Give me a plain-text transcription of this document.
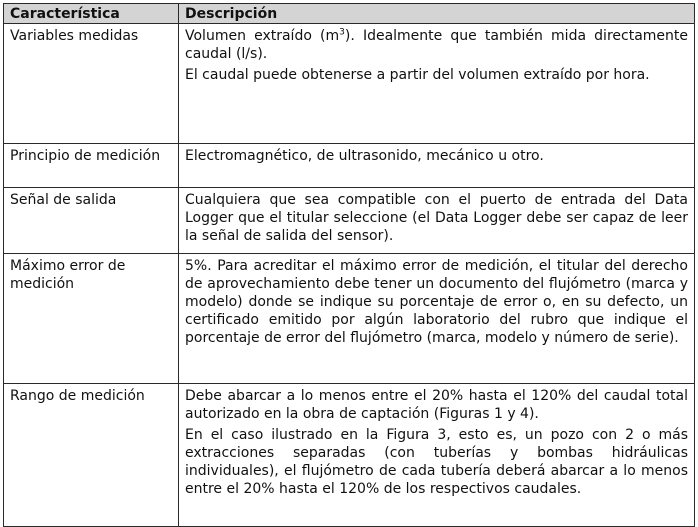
Característica	Descripción
Variables medidas	Volumen extraído $(m^3)$. Idealmente que también mida directamente caudal (l/s).

El caudal puede obtenerse a partir del volumen extraído por hora.

Principio de medición	Electromagnético, de ultrasonido, mecánico u otro.

Señal de salida	Cualquiera que sea compatible con el puerto de entrada del Data Logger que el titular seleccione (el Data Logger debe ser capaz de leer la señal de salida del sensor).

Máximo error de medición	5%. Para acreditar el máximo error de medición, el titular del derecho de aprovechamiento debe tener un documento del flujómetro (marca y modelo) donde se indique su porcentaje de error o, en su defecto, un certificado emitido por algún laboratorio del rubro que indique el porcentaje de error del flujómetro (marca, modelo y número de serie).

Rango de medición	Debe abarcar a lo menos entre el 20% hasta el 120% del caudal total autorizado en la obra de captación (Figuras 1 y 4).

En el caso ilustrado en la Figura 3, esto es, un pozo con 2 o más extracciones separadas (con tuberías y bombas hidráulicas individuales), el flujómetro de cada tubería deberá abarcar a lo menos entre el 20% hasta el 120% de los respectivos caudales.
